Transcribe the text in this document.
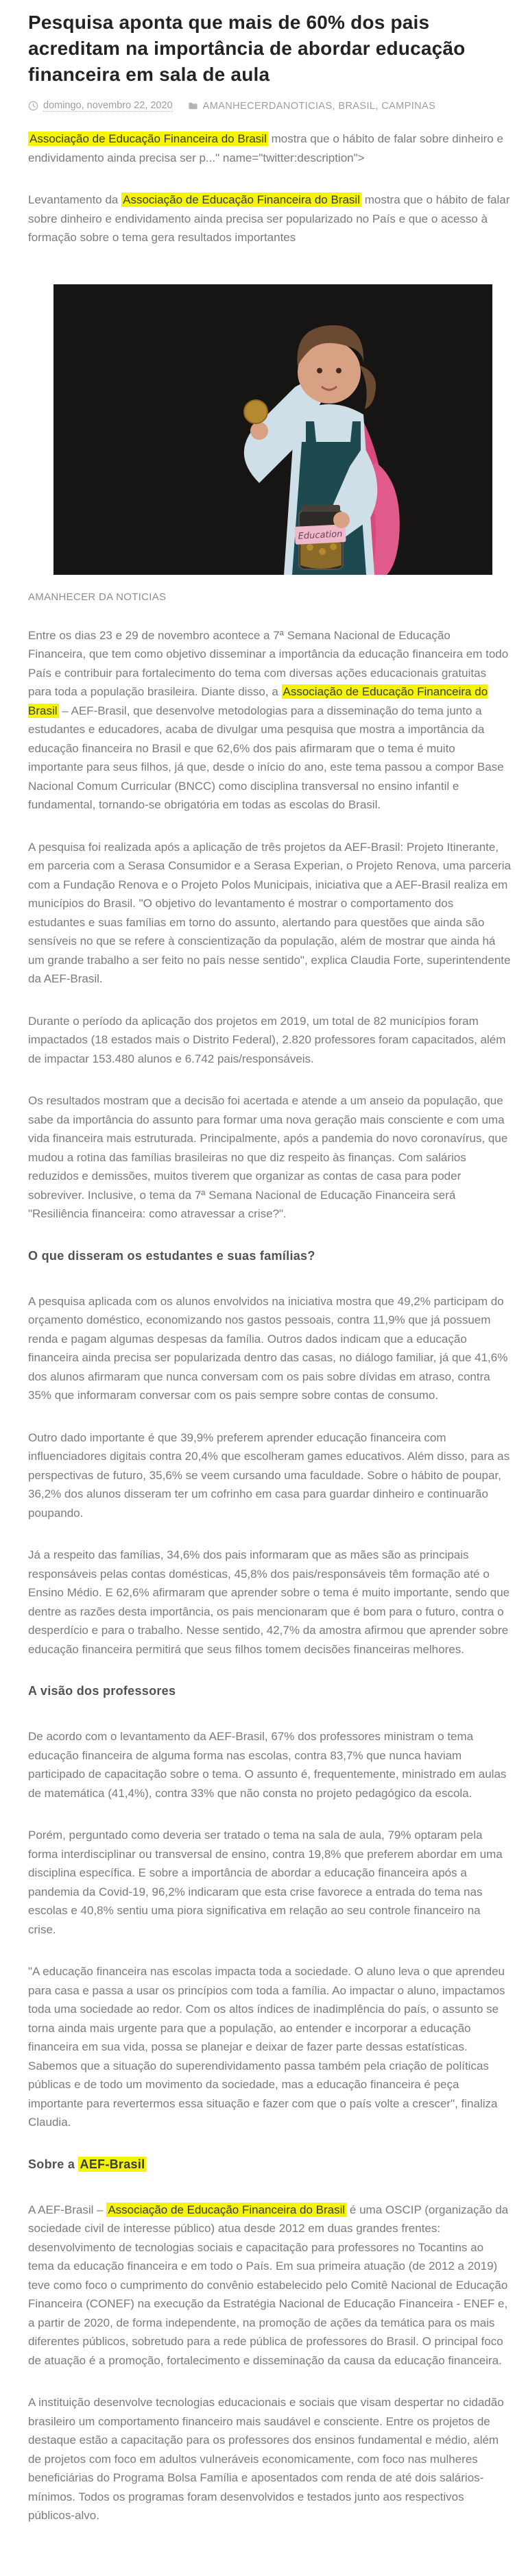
Pesquisa aponta que mais de 60% dos pais acreditam na importância de abordar educação financeira em sala de aula
domingo, novembro 22, 2020	AMANHECERDANOTICIAS, BRASIL, CAMPINAS

Associação de Educação Financeira do Brasil mostra que o hábito de falar sobre dinheiro e endividamento ainda precisa ser p..." name="twitter:description">

Levantamento da Associação de Educação Financeira do Brasil mostra que o hábito de falar sobre dinheiro e endividamento ainda precisa ser popularizado no País e que o acesso à formação sobre o tema gera resultados importantes

Education
AMANHECER DA NOTICIAS

Entre os dias 23 e 29 de novembro acontece a 7ª Semana Nacional de Educação Financeira, que tem como objetivo disseminar a importância da educação financeira em todo País e contribuir para fortalecimento do tema com diversas ações educacionais gratuitas para toda a população brasileira. Diante disso, a Associação de Educação Financeira do Brasil – AEF-Brasil, que desenvolve metodologias para a disseminação do tema junto a estudantes e educadores, acaba de divulgar uma pesquisa que mostra a importância da educação financeira no Brasil e que 62,6% dos pais afirmaram que o tema é muito importante para seus filhos, já que, desde o início do ano, este tema passou a compor Base Nacional Comum Curricular (BNCC) como disciplina transversal no ensino infantil e fundamental, tornando-se obrigatória em todas as escolas do Brasil.

A pesquisa foi realizada após a aplicação de três projetos da AEF-Brasil: Projeto Itinerante, em parceria com a Serasa Consumidor e a Serasa Experian, o Projeto Renova, uma parceria com a Fundação Renova e o Projeto Polos Municipais, iniciativa que a AEF-Brasil realiza em municípios do Brasil. "O objetivo do levantamento é mostrar o comportamento dos estudantes e suas famílias em torno do assunto, alertando para questões que ainda são sensíveis no que se refere à conscientização da população, além de mostrar que ainda há um grande trabalho a ser feito no país nesse sentido", explica Claudia Forte, superintendente da AEF-Brasil.

Durante o período da aplicação dos projetos em 2019, um total de 82 municípios foram impactados (18 estados mais o Distrito Federal), 2.820 professores foram capacitados, além de impactar 153.480 alunos e 6.742 pais/responsáveis.

Os resultados mostram que a decisão foi acertada e atende a um anseio da população, que sabe da importância do assunto para formar uma nova geração mais consciente e com uma vida financeira mais estruturada. Principalmente, após a pandemia do novo coronavírus, que mudou a rotina das famílias brasileiras no que diz respeito às finanças. Com salários reduzidos e demissões, muitos tiverem que organizar as contas de casa para poder sobreviver. Inclusive, o tema da 7ª Semana Nacional de Educação Financeira será "Resiliência financeira: como atravessar a crise?".

O que disseram os estudantes e suas famílias?

A pesquisa aplicada com os alunos envolvidos na iniciativa mostra que 49,2% participam do orçamento doméstico, economizando nos gastos pessoais, contra 11,9% que já possuem renda e pagam algumas despesas da família. Outros dados indicam que a educação financeira ainda precisa ser popularizada dentro das casas, no diálogo familiar, já que 41,6% dos alunos afirmaram que nunca conversam com os pais sobre dívidas em atraso, contra 35% que informaram conversar com os pais sempre sobre contas de consumo.

Outro dado importante é que 39,9% preferem aprender educação financeira com influenciadores digitais contra 20,4% que escolheram games educativos. Além disso, para as perspectivas de futuro, 35,6% se veem cursando uma faculdade. Sobre o hábito de poupar, 36,2% dos alunos disseram ter um cofrinho em casa para guardar dinheiro e continuarão poupando.

Já a respeito das famílias, 34,6% dos pais informaram que as mães são as principais responsáveis pelas contas domésticas, 45,8% dos pais/responsáveis têm formação até o Ensino Médio. E 62,6% afirmaram que aprender sobre o tema é muito importante, sendo que dentre as razões desta importância, os pais mencionaram que é bom para o futuro, contra o desperdício e para o trabalho. Nesse sentido, 42,7% da amostra afirmou que aprender sobre educação financeira permitirá que seus filhos tomem decisões financeiras melhores.

A visão dos professores

De acordo com o levantamento da AEF-Brasil, 67% dos professores ministram o tema educação financeira de alguma forma nas escolas, contra 83,7% que nunca haviam participado de capacitação sobre o tema. O assunto é, frequentemente, ministrado em aulas de matemática (41,4%), contra 33% que não consta no projeto pedagógico da escola.

Porém, perguntado como deveria ser tratado o tema na sala de aula, 79% optaram pela forma interdisciplinar ou transversal de ensino, contra 19,8% que preferem abordar em uma disciplina específica. E sobre a importância de abordar a educação financeira após a pandemia da Covid-19, 96,2% indicaram que esta crise favorece a entrada do tema nas escolas e 40,8% sentiu uma piora significativa em relação ao seu controle financeiro na crise.

"A educação financeira nas escolas impacta toda a sociedade. O aluno leva o que aprendeu para casa e passa a usar os princípios com toda a família. Ao impactar o aluno, impactamos toda uma sociedade ao redor. Com os altos índices de inadimplência do país, o assunto se torna ainda mais urgente para que a população, ao entender e incorporar a educação financeira em sua vida, possa se planejar e deixar de fazer parte dessas estatísticas. Sabemos que a situação do superendividamento passa também pela criação de políticas públicas e de todo um movimento da sociedade, mas a educação financeira é peça importante para revertermos essa situação e fazer com que o país volte a crescer", finaliza Claudia.

Sobre a AEF-Brasil

A AEF-Brasil – Associação de Educação Financeira do Brasil é uma OSCIP (organização da sociedade civil de interesse público) atua desde 2012 em duas grandes frentes: desenvolvimento de tecnologias sociais e capacitação para professores no Tocantins ao tema da educação financeira e em todo o País. Em sua primeira atuação (de 2012 a 2019) teve como foco o cumprimento do convênio estabelecido pelo Comitê Nacional de Educação Financeira (CONEF) na execução da Estratégia Nacional de Educação Financeira - ENEF e, a partir de 2020, de forma independente, na promoção de ações da temática para os mais diferentes públicos, sobretudo para a rede pública de professores do Brasil. O principal foco de atuação é a promoção, fortalecimento e disseminação da causa da educação financeira.

A instituição desenvolve tecnologias educacionais e sociais que visam despertar no cidadão brasileiro um comportamento financeiro mais saudável e consciente. Entre os projetos de destaque estão a capacitação para os professores dos ensinos fundamental e médio, além de projetos com foco em adultos vulneráveis economicamente, com foco nas mulheres beneficiárias do Programa Bolsa Família e aposentados com renda de até dois salários-mínimos. Todos os programas foram desenvolvidos e testados junto aos respectivos públicos-alvo.
